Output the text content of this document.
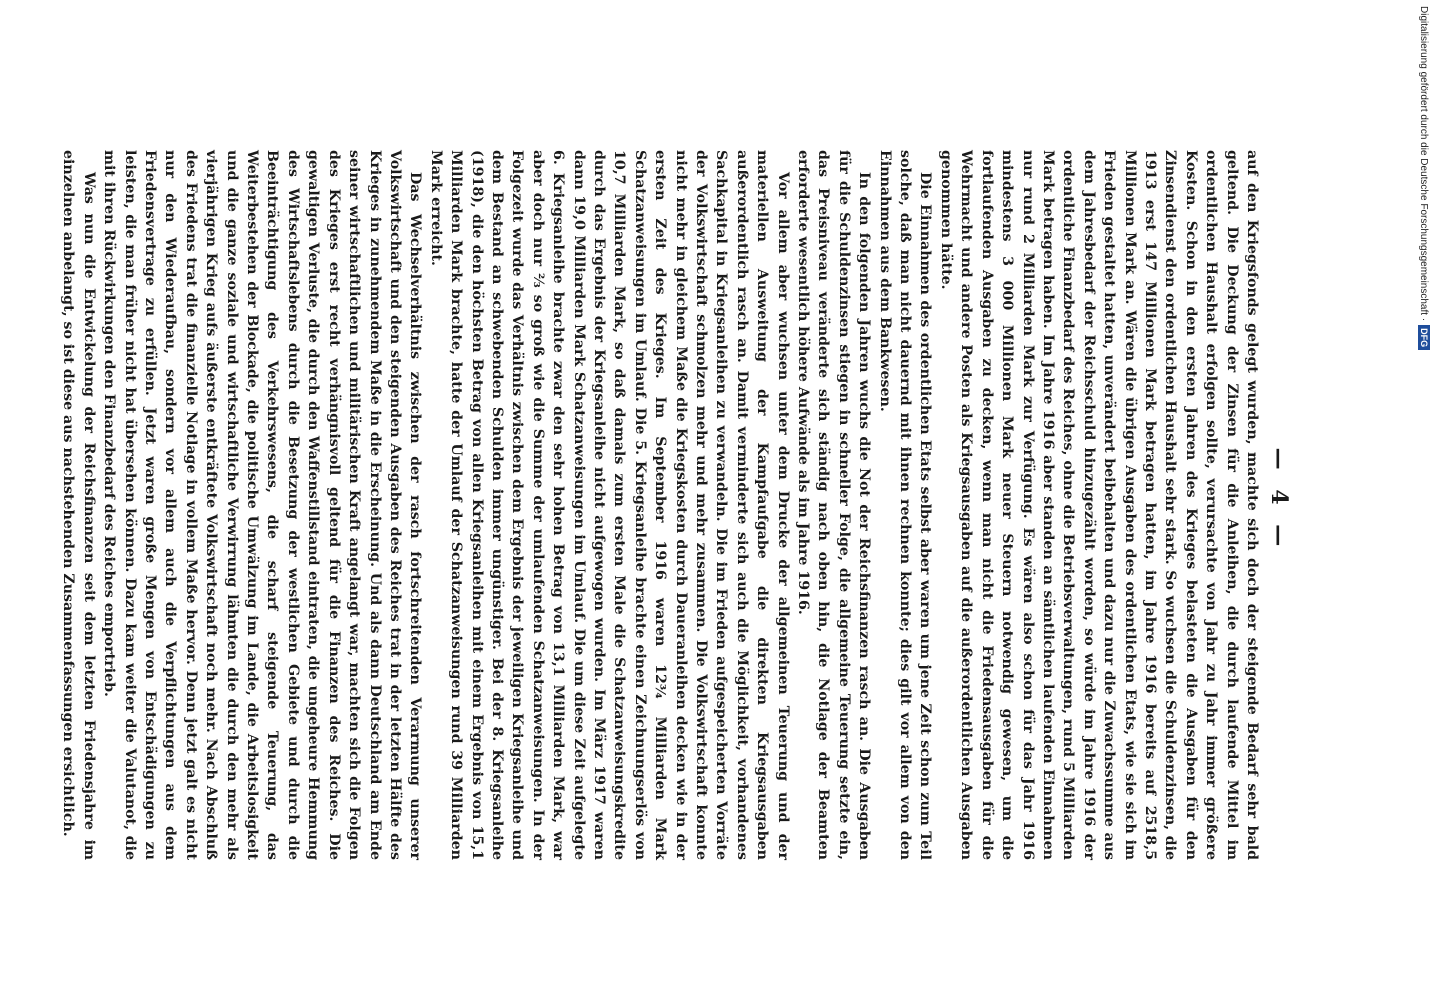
— 4 —

auf den Kriegsfonds gelegt wurden, machte sich doch der steigende Bedarf sehr bald geltend. Die Deckung der Zinsen für die Anleihen, die durch laufende Mittel im ordentlichen Haushalt erfolgen sollte, verursachte von Jahr zu Jahr immer größere Kosten. Schon in den ersten Jahren des Krieges belasteten die Ausgaben für den Zinsendienst den ordentlichen Haushalt sehr stark. So wuchsen die Schuldenzinsen, die 1913 erst 147 Millionen Mark betragen hatten, im Jahre 1916 bereits auf 2518,5 Millionen Mark an. Wären die übrigen Ausgaben des ordentlichen Etats, wie sie sich im Frieden gestaltet hatten, unverändert beibehalten und dazu nur die Zuwachssumme aus dem Jahresbedarf der Reichsschuld hinzugezählt worden, so würde im Jahre 1916 der ordentliche Finanzbedarf des Reiches, ohne die Betriebsverwaltungen, rund 5 Milliarden Mark betragen haben. Im Jahre 1916 aber standen an sämtlichen laufenden Einnahmen nur rund 2 Milliarden Mark zur Verfügung. Es wären also schon für das Jahr 1916 mindestens 3 000 Millionen Mark neuer Steuern notwendig gewesen, um die fortlaufenden Ausgaben zu decken, wenn man nicht die Friedensausgaben für die Wehrmacht und andere Posten als Kriegsausgaben auf die außerordentlichen Ausgaben genommen hätte.

Die Einnahmen des ordentlichen Etats selbst aber waren um jene Zeit schon zum Teil solche, daß man nicht dauernd mit ihnen rechnen konnte; dies gilt vor allem von den Einnahmen aus dem Bankwesen.

In den folgenden Jahren wuchs die Not der Reichsfinanzen rasch an. Die Ausgaben für die Schuldenzinsen stiegen in schneller Folge, die allgemeine Teuerung setzte ein, das Preisniveau veränderte sich ständig nach oben hin, die Notlage der Beamten erforderte wesentlich höhere Aufwände als im Jahre 1916.

Vor allem aber wuchsen unter dem Drucke der allgemeinen Teuerung und der materiellen Ausweitung der Kampfaufgabe die direkten Kriegsausgaben außerordentlich rasch an. Damit verminderte sich auch die Möglichkeit, vorhandenes Sachkapital in Kriegsanleihen zu verwandeln. Die im Frieden aufgespeicherten Vorräte der Volkswirtschaft schmolzen mehr und mehr zusammen. Die Volkswirtschaft konnte nicht mehr in gleichem Maße die Kriegskosten durch Daueranleihen decken wie in der ersten Zeit des Krieges. Im September 1916 waren 12¾ Milliarden Mark Schatzanweisungen im Umlauf. Die 5. Kriegsanleihe brachte einen Zeichnungserlös von 10,7 Milliarden Mark, so daß damals zum ersten Male die Schatzanweisungskredite durch das Ergebnis der Kriegsanleihe nicht aufgewogen wurden. Im März 1917 waren dann 19,0 Milliarden Mark Schatzanweisungen im Umlauf. Die um diese Zeit aufgelegte 6. Kriegsanleihe brachte zwar den sehr hohen Betrag von 13,1 Milliarden Mark, war aber doch nur ⅔ so groß wie die Summe der umlaufenden Schatzanweisungen. In der Folgezeit wurde das Verhältnis zwischen dem Ergebnis der jeweiligen Kriegsanleihe und dem Bestand an schwebenden Schulden immer ungünstiger. Bei der 8. Kriegsanleihe (1918), die den höchsten Betrag von allen Kriegsanleihen mit einem Ergebnis von 15,1 Milliarden Mark brachte, hatte der Umlauf der Schatzanweisungen rund 39 Milliarden Mark erreicht.

Das Wechselverhältnis zwischen der rasch fortschreitenden Verarmung unserer Volkswirtschaft und den steigenden Ausgaben des Reiches trat in der letzten Hälfte des Krieges in zunehmendem Maße in die Erscheinung. Und als dann Deutschland am Ende seiner wirtschaftlichen und militärischen Kraft angelangt war, machten sich die Folgen des Krieges erst recht verhängnisvoll geltend für die Finanzen des Reiches. Die gewaltigen Verluste, die durch den Waffenstillstand eintraten, die ungeheure Hemmung des Wirtschaftslebens durch die Besetzung der westlichen Gebiete und durch die Beeinträchtigung des Verkehrswesens, die scharf steigende Teuerung, das Weiterbestehen der Blockade, die politische Umwälzung im Lande, die Arbeitslosigkeit und die ganze soziale und wirtschaftliche Verwirrung lähmten die durch den mehr als vierjährigen Krieg aufs äußerste entkräftete Volkswirtschaft noch mehr. Nach Abschluß des Friedens trat die finanzielle Notlage in vollem Maße hervor. Denn jetzt galt es nicht nur den Wiederaufbau, sondern vor allem auch die Verpflichtungen aus dem Friedensvertrage zu erfüllen. Jetzt waren große Mengen von Entschädigungen zu leisten, die man früher nicht hat übersehen können. Dazu kam weiter die Valutanot, die mit ihren Rückwirkungen den Finanzbedarf des Reiches emportrieb.

Was nun die Entwickelung der Reichsfinanzen seit dem letzten Friedensjahre im einzelnen anbelangt, so ist diese aus nachstehenden Zusammenfassungen ersichtlich.	Digitalisierung gefördert durch die Deutsche Forschungsgemeinschaft ·
DFG
